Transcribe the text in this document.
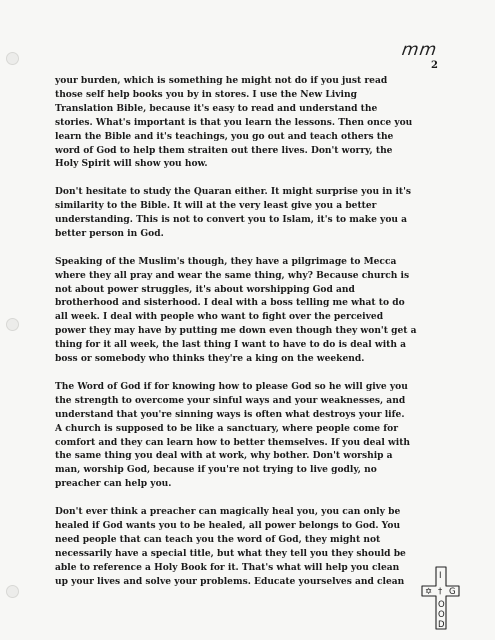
mm
2
your burden, which is something he might not do if you just read
those self help books you by in stores. I use the New Living
Translation Bible, because it's easy to read and understand the
stories. What's important is that you learn the lessons. Then once you
learn the Bible and it's teachings, you go out and teach others the
word of God to help them straiten out there lives. Don't worry, the
Holy Spirit will show you how.
Don't hesitate to study the Quaran either. It might surprise you in it's
similarity to the Bible. It will at the very least give you a better
understanding. This is not to convert you to Islam, it's to make you a
better person in God.
Speaking of the Muslim's though, they have a pilgrimage to Mecca
where they all pray and wear the same thing, why? Because church is
not about power struggles, it's about worshipping God and
brotherhood and sisterhood. I deal with a boss telling me what to do
all week. I deal with people who want to fight over the perceived
power they may have by putting me down even though they won't get a
thing for it all week, the last thing I want to have to do is deal with a
boss or somebody who thinks they're a king on the weekend.
The Word of God if for knowing how to please God so he will give you
the strength to overcome your sinful ways and your weaknesses, and
understand that you're sinning ways is often what destroys your life.
A church is supposed to be like a sanctuary, where people come for
comfort and they can learn how to better themselves. If you deal with
the same thing you deal with at work, why bother. Don't worship a
man, worship God, because if you're not trying to live godly, no
preacher can help you.
Don't ever think a preacher can magically heal you, you can only be
healed if God wants you to be healed, all power belongs to God. You
need people that can teach you the word of God, they might not
necessarily have a special title, but what they tell you they should be
able to reference a Holy Book for it. That's what will help you clean
up your lives and solve your problems. Educate yourselves and clean	I
✡ † G
O
O
D
